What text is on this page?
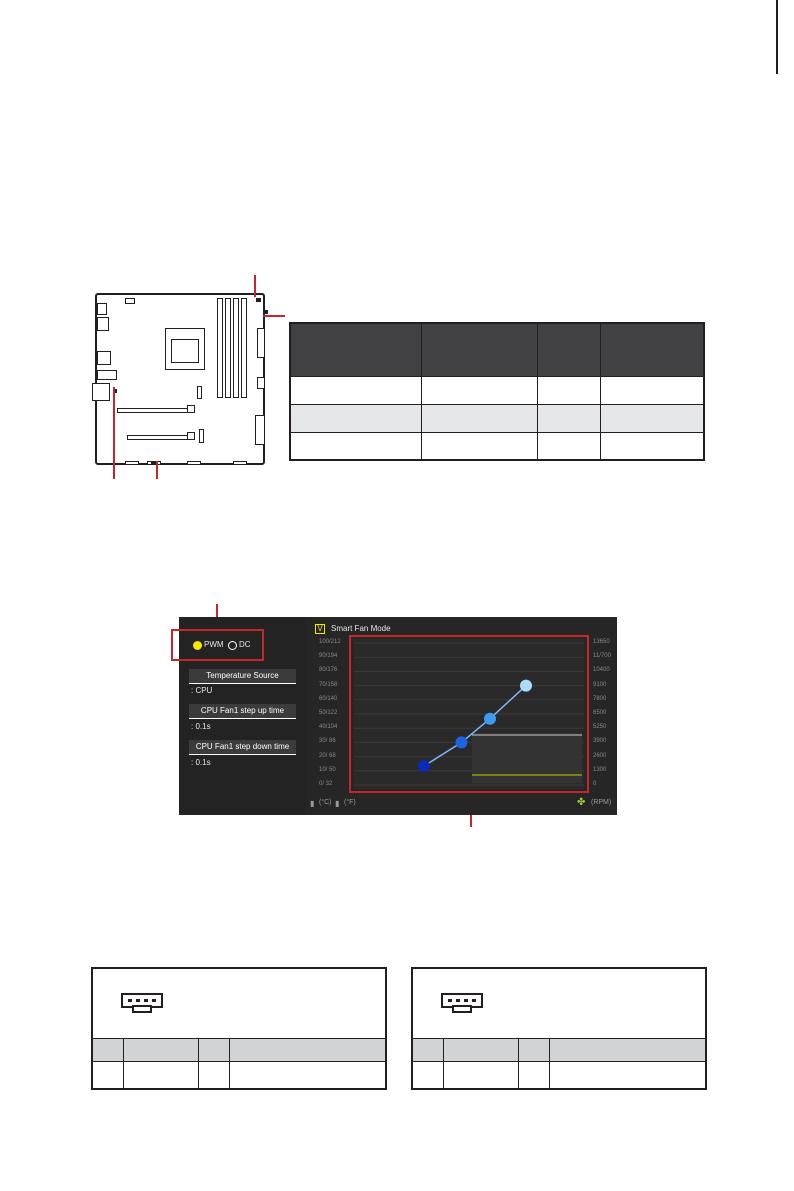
PWM DC
Temperature Source
: CPU
CPU Fan1 step up time
: 0.1s
CPU Fan1 step down time
: 0.1s
V Smart Fan Mode
100/212
90/194
80/176
70/158
60/140
50/122
40/104
30/ 86
20/ 68
10/ 50
0/ 32
13650
11/700
10400
9100
7800
6500
5250
3900
2600
1300
0
▮ (°C) ▮ (°F)	✤ (RPM)
